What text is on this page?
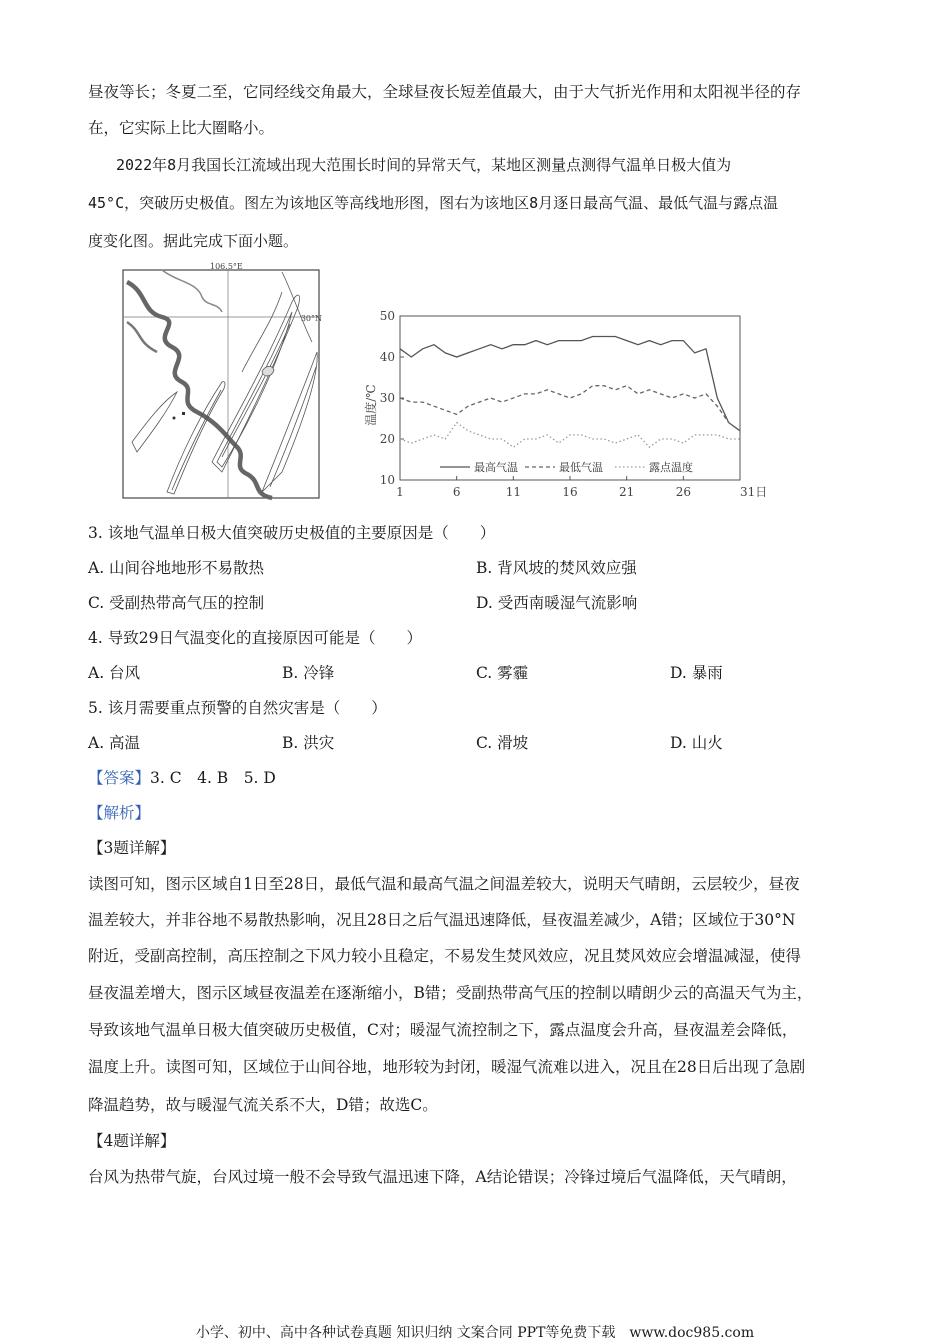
昼夜等长；冬夏二至，它同经线交角最大，全球昼夜长短差值最大，由于大气折光作用和太阳视半径的存
在，它实际上比大圈略小。
2022年8月我国长江流域出现大范围长时间的异常天气，某地区测量点测得气温单日极大值为
45°C，突破历史极值。图左为该地区等高线地形图，图右为该地区8月逐日最高气温、最低气温与露点温
度变化图。据此完成下面小题。
106.5°E
30°N
温度/℃
10
20
30
40
50
1	6	11	16	21	26	31日
最高气温	最低气温	露点温度
3. 该地气温单日极大值突破历史极值的主要原因是（　　）
A. 山间谷地地形不易散热	B. 背风坡的焚风效应强
C. 受副热带高气压的控制	D. 受西南暖湿气流影响
4. 导致29日气温变化的直接原因可能是（　　）
A. 台风	B. 冷锋	C. 雾霾	D. 暴雨
5. 该月需要重点预警的自然灾害是（　　）
A. 高温	B. 洪灾	C. 滑坡	D. 山火
【答案】3. C　4. B　5. D
【解析】
【3题详解】
读图可知，图示区域自1日至28日，最低气温和最高气温之间温差较大，说明天气晴朗，云层较少，昼夜
温差较大，并非谷地不易散热影响，况且28日之后气温迅速降低，昼夜温差减少，A错；区域位于30°N
附近，受副高控制，高压控制之下风力较小且稳定，不易发生焚风效应，况且焚风效应会增温减湿，使得
昼夜温差增大，图示区域昼夜温差在逐渐缩小，B错；受副热带高气压的控制以晴朗少云的高温天气为主，
导致该地气温单日极大值突破历史极值，C对；暖湿气流控制之下，露点温度会升高，昼夜温差会降低，
温度上升。读图可知，区域位于山间谷地，地形较为封闭，暖湿气流难以进入，况且在28日后出现了急剧
降温趋势，故与暖湿气流关系不大，D错；故选C。
【4题详解】
台风为热带气旋，台风过境一般不会导致气温迅速下降，A结论错误；冷锋过境后气温降低，天气晴朗，
小学、初中、高中各种试卷真题 知识归纳 文案合同 PPT等免费下载　www.doc985.com
